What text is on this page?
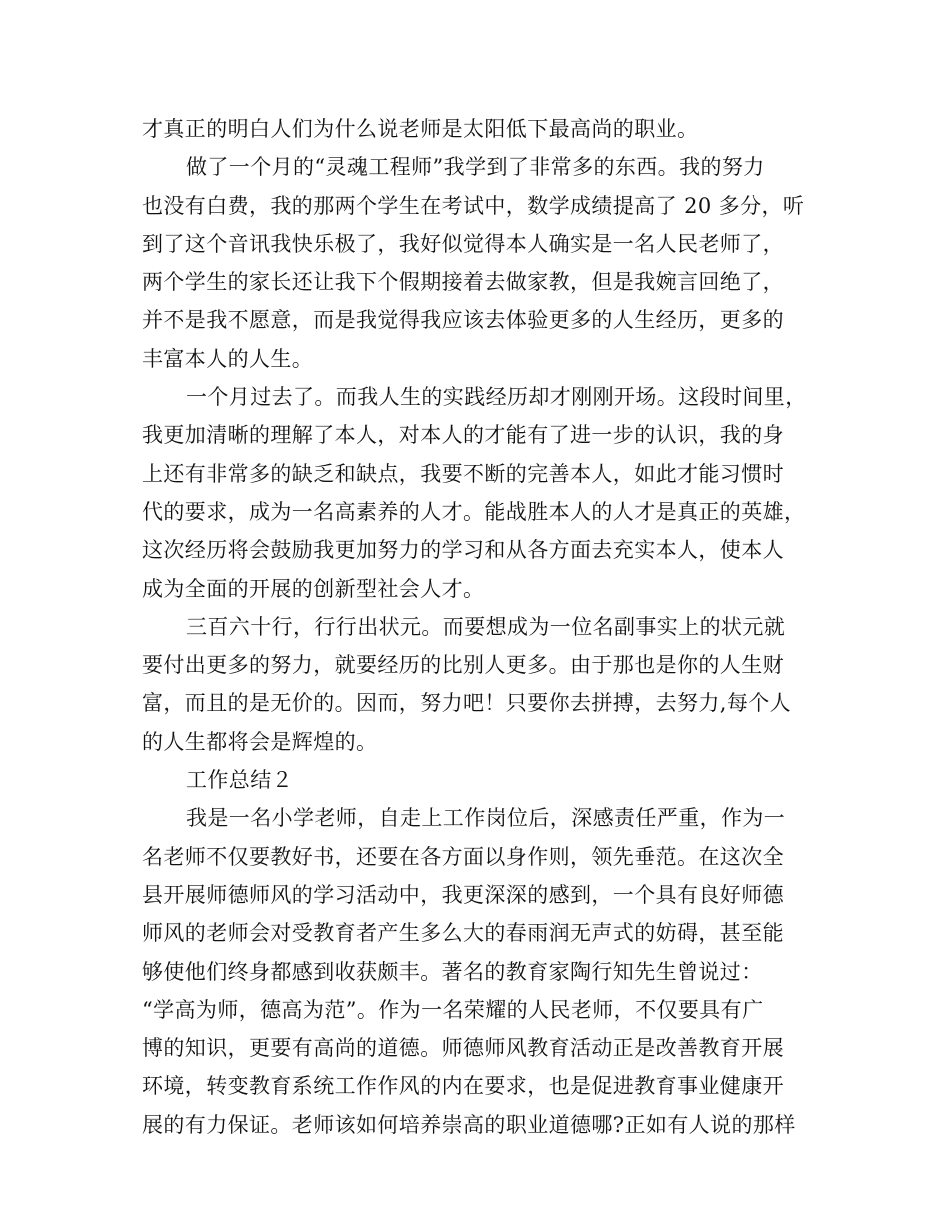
才真正的明白人们为什么说老师是太阳低下最高尚的职业。
做了一个月的“灵魂工程师”我学到了非常多的东西。我的努力
也没有白费，我的那两个学生在考试中，数学成绩提高了 20 多分，听
到了这个音讯我快乐极了，我好似觉得本人确实是一名人民老师了，
两个学生的家长还让我下个假期接着去做家教，但是我婉言回绝了，
并不是我不愿意，而是我觉得我应该去体验更多的人生经历，更多的
丰富本人的人生。
一个月过去了。而我人生的实践经历却才刚刚开场。这段时间里，
我更加清晰的理解了本人，对本人的才能有了进一步的认识，我的身
上还有非常多的缺乏和缺点，我要不断的完善本人，如此才能习惯时
代的要求，成为一名高素养的人才。能战胜本人的人才是真正的英雄，
这次经历将会鼓励我更加努力的学习和从各方面去充实本人，使本人
成为全面的开展的创新型社会人才。
三百六十行，行行出状元。而要想成为一位名副事实上的状元就
要付出更多的努力，就要经历的比别人更多。由于那也是你的人生财
富，而且的是无价的。因而，努力吧！只要你去拼搏，去努力,每个人
的人生都将会是辉煌的。
工作总结２
我是一名小学老师，自走上工作岗位后，深感责任严重，作为一
名老师不仅要教好书，还要在各方面以身作则，领先垂范。在这次全
县开展师德师风的学习活动中，我更深深的感到，一个具有良好师德
师风的老师会对受教育者产生多么大的春雨润无声式的妨碍，甚至能
够使他们终身都感到收获颇丰。著名的教育家陶行知先生曾说过：
“学高为师，德高为范”。作为一名荣耀的人民老师，不仅要具有广
博的知识，更要有高尚的道德。师德师风教育活动正是改善教育开展
环境，转变教育系统工作作风的内在要求，也是促进教育事业健康开
展的有力保证。老师该如何培养崇高的职业道德哪?正如有人说的那样
